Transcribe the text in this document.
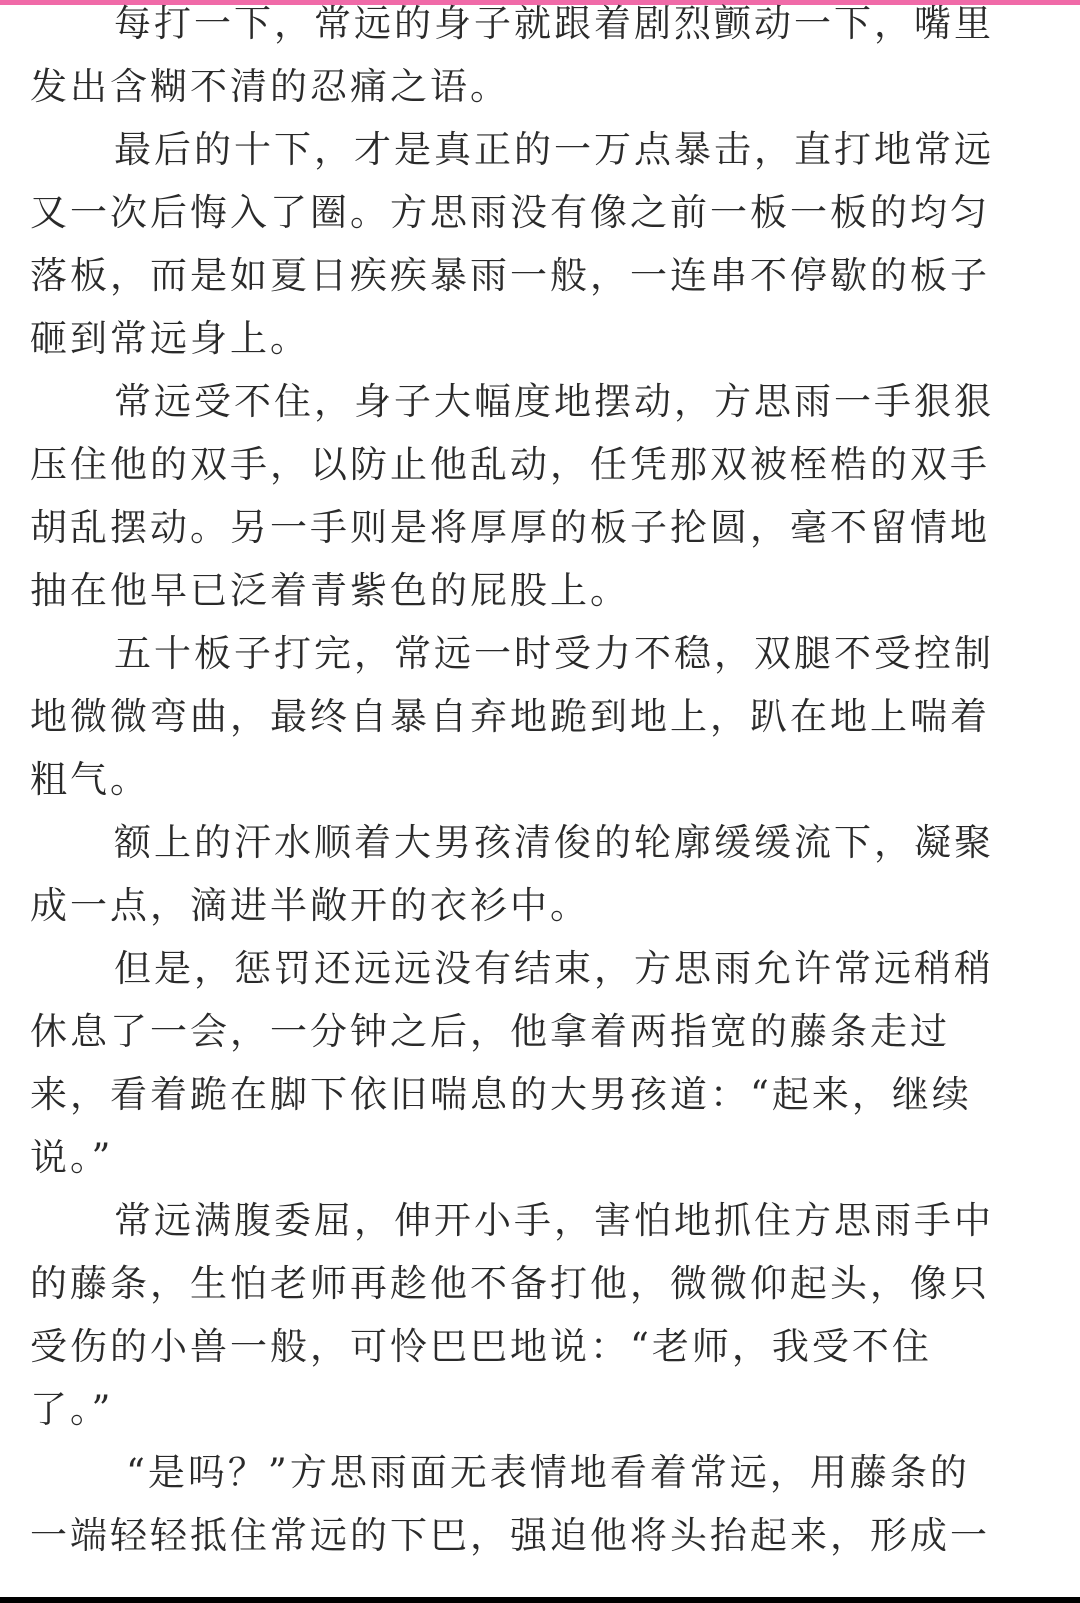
每打一下，常远的身子就跟着剧烈颤动一下，嘴里
发出含糊不清的忍痛之语。
最后的十下，才是真正的一万点暴击，直打地常远
又一次后悔入了圈。方思雨没有像之前一板一板的均匀
落板，而是如夏日疾疾暴雨一般，一连串不停歇的板子
砸到常远身上。
常远受不住，身子大幅度地摆动，方思雨一手狠狠
压住他的双手，以防止他乱动，任凭那双被桎梏的双手
胡乱摆动。另一手则是将厚厚的板子抡圆，毫不留情地
抽在他早已泛着青紫色的屁股上。
五十板子打完，常远一时受力不稳，双腿不受控制
地微微弯曲，最终自暴自弃地跪到地上，趴在地上喘着
粗气。
额上的汗水顺着大男孩清俊的轮廓缓缓流下，凝聚
成一点，滴进半敞开的衣衫中。
但是，惩罚还远远没有结束，方思雨允许常远稍稍
休息了一会，一分钟之后，他拿着两指宽的藤条走过
来，看着跪在脚下依旧喘息的大男孩道：“起来，继续
说。”
常远满腹委屈，伸开小手，害怕地抓住方思雨手中
的藤条，生怕老师再趁他不备打他，微微仰起头，像只
受伤的小兽一般，可怜巴巴地说：“老师，我受不住
了。”
“是吗？”方思雨面无表情地看着常远，用藤条的
一端轻轻抵住常远的下巴，强迫他将头抬起来，形成一
